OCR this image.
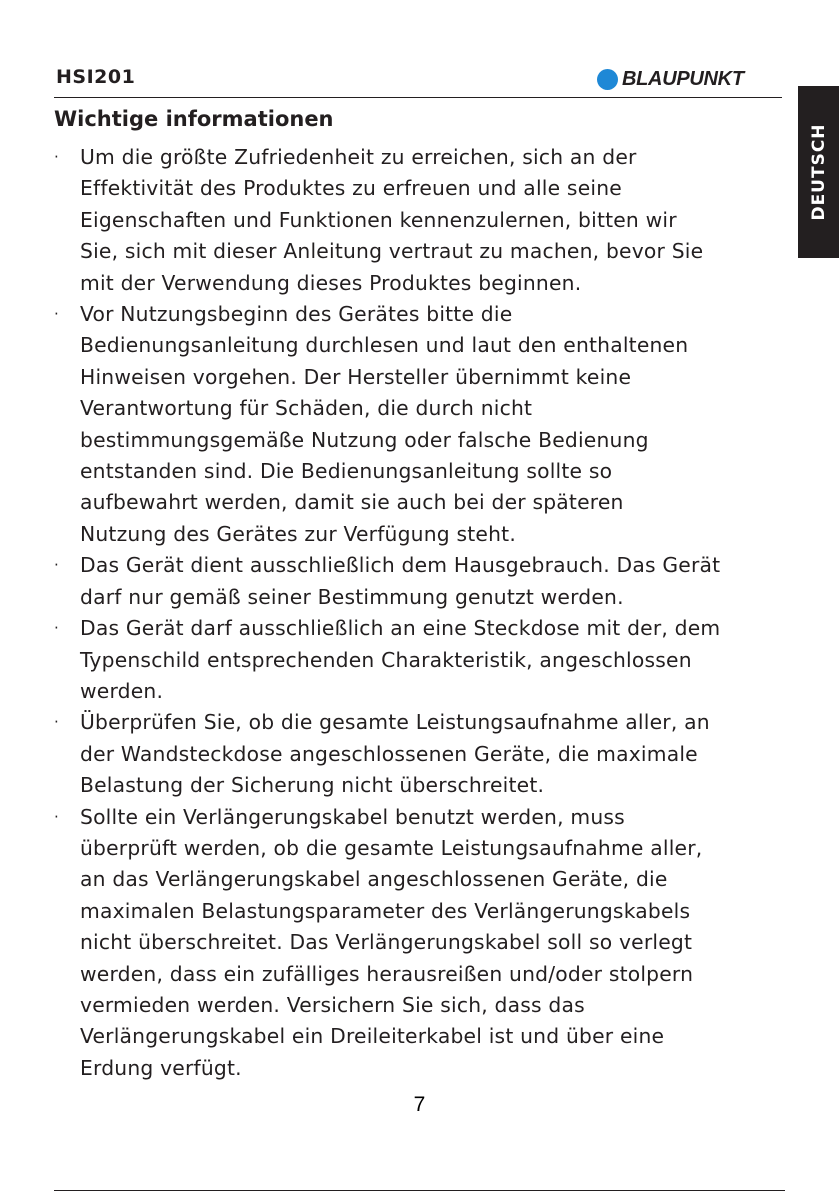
HSI201	BLAUPUNKT
DEUTSCH
Wichtige informationen
·	Um die größte Zufriedenheit zu erreichen, sich an der
Effektivität des Produktes zu erfreuen und alle seine
Eigenschaften und Funktionen kennenzulernen, bitten wir
Sie, sich mit dieser Anleitung vertraut zu machen, bevor Sie
mit der Verwendung dieses Produktes beginnen.
·	Vor Nutzungsbeginn des Gerätes bitte die
Bedienungsanleitung durchlesen und laut den enthaltenen
Hinweisen vorgehen. Der Hersteller übernimmt keine
Verantwortung für Schäden, die durch nicht
bestimmungsgemäße Nutzung oder falsche Bedienung
entstanden sind. Die Bedienungsanleitung sollte so
aufbewahrt werden, damit sie auch bei der späteren
Nutzung des Gerätes zur Verfügung steht.
·	Das Gerät dient ausschließlich dem Hausgebrauch. Das Gerät
darf nur gemäß seiner Bestimmung genutzt werden.
·	Das Gerät darf ausschließlich an eine Steckdose mit der, dem
Typenschild entsprechenden Charakteristik, angeschlossen
werden.
·	Überprüfen Sie, ob die gesamte Leistungsaufnahme aller, an
der Wandsteckdose angeschlossenen Geräte, die maximale
Belastung der Sicherung nicht überschreitet.
·	Sollte ein Verlängerungskabel benutzt werden, muss
überprüft werden, ob die gesamte Leistungsaufnahme aller,
an das Verlängerungskabel angeschlossenen Geräte, die
maximalen Belastungsparameter des Verlängerungskabels
nicht überschreitet. Das Verlängerungskabel soll so verlegt
werden, dass ein zufälliges herausreißen und/oder stolpern
vermieden werden. Versichern Sie sich, dass das
Verlängerungskabel ein Dreileiterkabel ist und über eine
Erdung verfügt.
7
